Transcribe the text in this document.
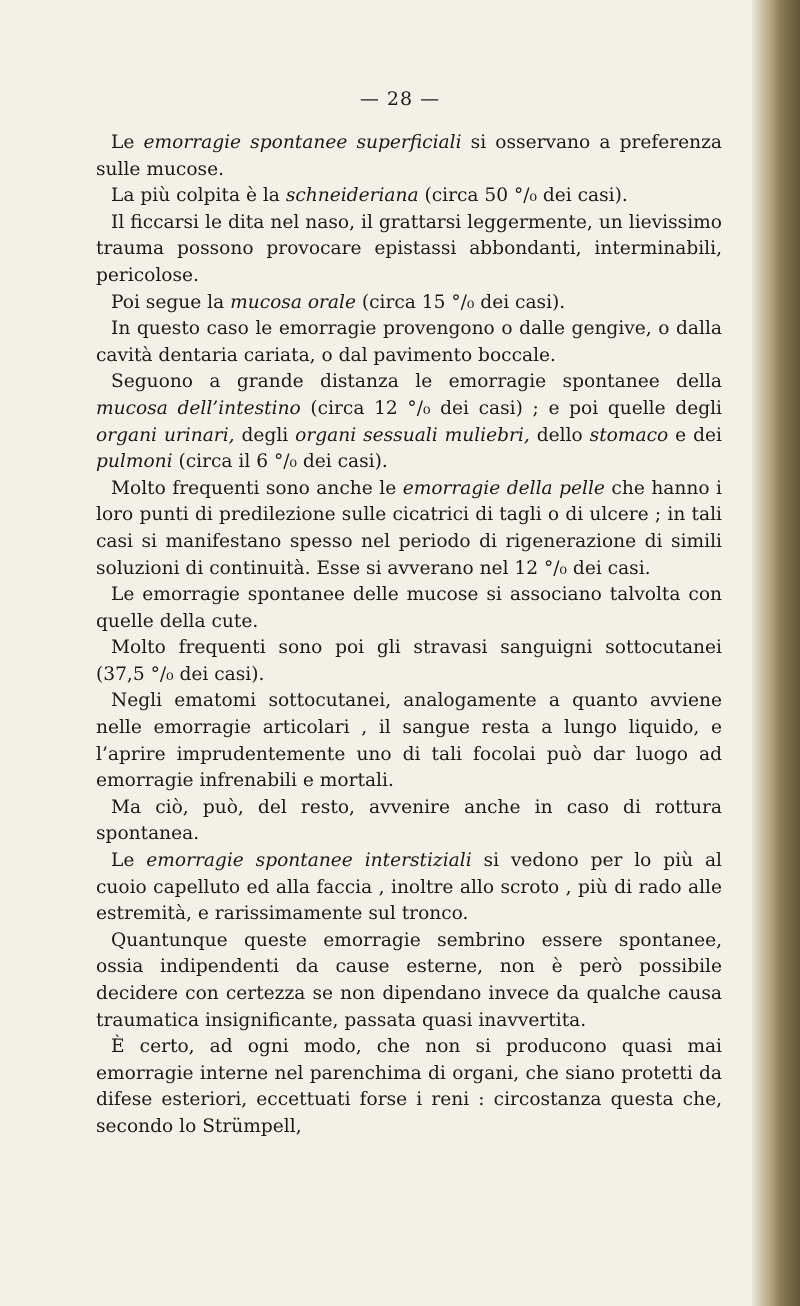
— 28 —

Le emorragie spontanee superficiali si osservano a preferenza sulle mucose.

La più colpita è la schneideriana (circa 50 °/₀ dei casi).

Il ficcarsi le dita nel naso, il grattarsi leggermente, un lievissimo trauma possono provocare epistassi abbondanti, interminabili, pericolose.

Poi segue la mucosa orale (circa 15 °/₀ dei casi).

In questo caso le emorragie provengono o dalle gengive, o dalla cavità dentaria cariata, o dal pavimento boccale.

Seguono a grande distanza le emorragie spontanee della mucosa dell’intestino (circa 12 °/₀ dei casi) ; e poi quelle degli organi urinari, degli organi sessuali muliebri, dello stomaco e dei pulmoni (circa il 6 °/₀ dei casi).

Molto frequenti sono anche le emorragie della pelle che hanno i loro punti di predilezione sulle cicatrici di tagli o di ulcere ; in tali casi si manifestano spesso nel periodo di rigenerazione di simili soluzioni di continuità. Esse si avverano nel 12 °/₀ dei casi.

Le emorragie spontanee delle mucose si associano talvolta con quelle della cute.

Molto frequenti sono poi gli stravasi sanguigni sottocutanei (37,5 °/₀ dei casi).

Negli ematomi sottocutanei, analogamente a quanto avviene nelle emorragie articolari , il sangue resta a lungo liquido, e l’aprire imprudentemente uno di tali focolai può dar luogo ad emorragie infrenabili e mortali.

Ma ciò, può, del resto, avvenire anche in caso di rottura spontanea.

Le emorragie spontanee interstiziali si vedono per lo più al cuoio capelluto ed alla faccia , inoltre allo scroto , più di rado alle estremità, e rarissimamente sul tronco.

Quantunque queste emorragie sembrino essere spontanee, ossia indipendenti da cause esterne, non è però possibile decidere con certezza se non dipendano invece da qualche causa traumatica insignificante, passata quasi inavvertita.

È certo, ad ogni modo, che non si producono quasi mai emorragie interne nel parenchima di organi, che siano protetti da difese esteriori, eccettuati forse i reni : circostanza questa che, secondo lo Strümpell,
